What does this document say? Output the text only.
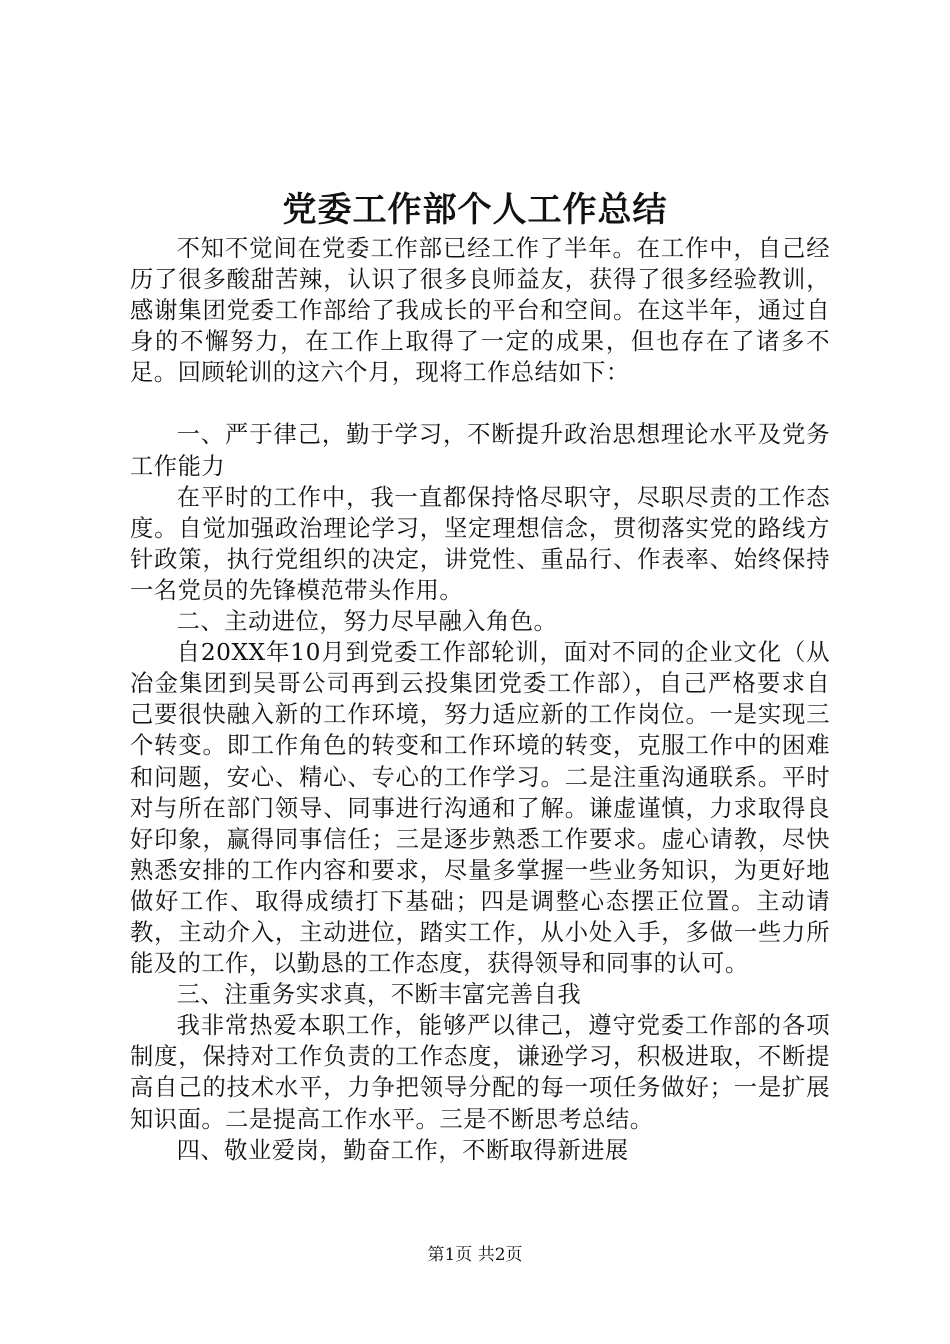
党委工作部个人工作总结

不知不觉间在党委工作部已经工作了半年。在工作中，自己经历了很多酸甜苦辣，认识了很多良师益友，获得了很多经验教训，感谢集团党委工作部给了我成长的平台和空间。在这半年，通过自身的不懈努力，在工作上取得了一定的成果，但也存在了诸多不足。回顾轮训的这六个月，现将工作总结如下：

一、严于律己，勤于学习，不断提升政治思想理论水平及党务工作能力

在平时的工作中，我一直都保持恪尽职守，尽职尽责的工作态度。自觉加强政治理论学习，坚定理想信念，贯彻落实党的路线方针政策，执行党组织的决定，讲党性、重品行、作表率、始终保持一名党员的先锋模范带头作用。

二、主动进位，努力尽早融入角色。

自20XX年10月到党委工作部轮训，面对不同的企业文化（从冶金集团到吴哥公司再到云投集团党委工作部），自己严格要求自己要很快融入新的工作环境，努力适应新的工作岗位。一是实现三个转变。即工作角色的转变和工作环境的转变，克服工作中的困难和问题，安心、精心、专心的工作学习。二是注重沟通联系。平时对与所在部门领导、同事进行沟通和了解。谦虚谨慎，力求取得良好印象，赢得同事信任；三是逐步熟悉工作要求。虚心请教，尽快熟悉安排的工作内容和要求，尽量多掌握一些业务知识，为更好地做好工作、取得成绩打下基础；四是调整心态摆正位置。主动请教，主动介入，主动进位，踏实工作，从小处入手，多做一些力所能及的工作，以勤恳的工作态度，获得领导和同事的认可。

三、注重务实求真，不断丰富完善自我

我非常热爱本职工作，能够严以律己，遵守党委工作部的各项制度，保持对工作负责的工作态度，谦逊学习，积极进取，不断提高自己的技术水平，力争把领导分配的每一项任务做好；一是扩展知识面。二是提高工作水平。三是不断思考总结。

四、敬业爱岗，勤奋工作，不断取得新进展

第1页 共2页
